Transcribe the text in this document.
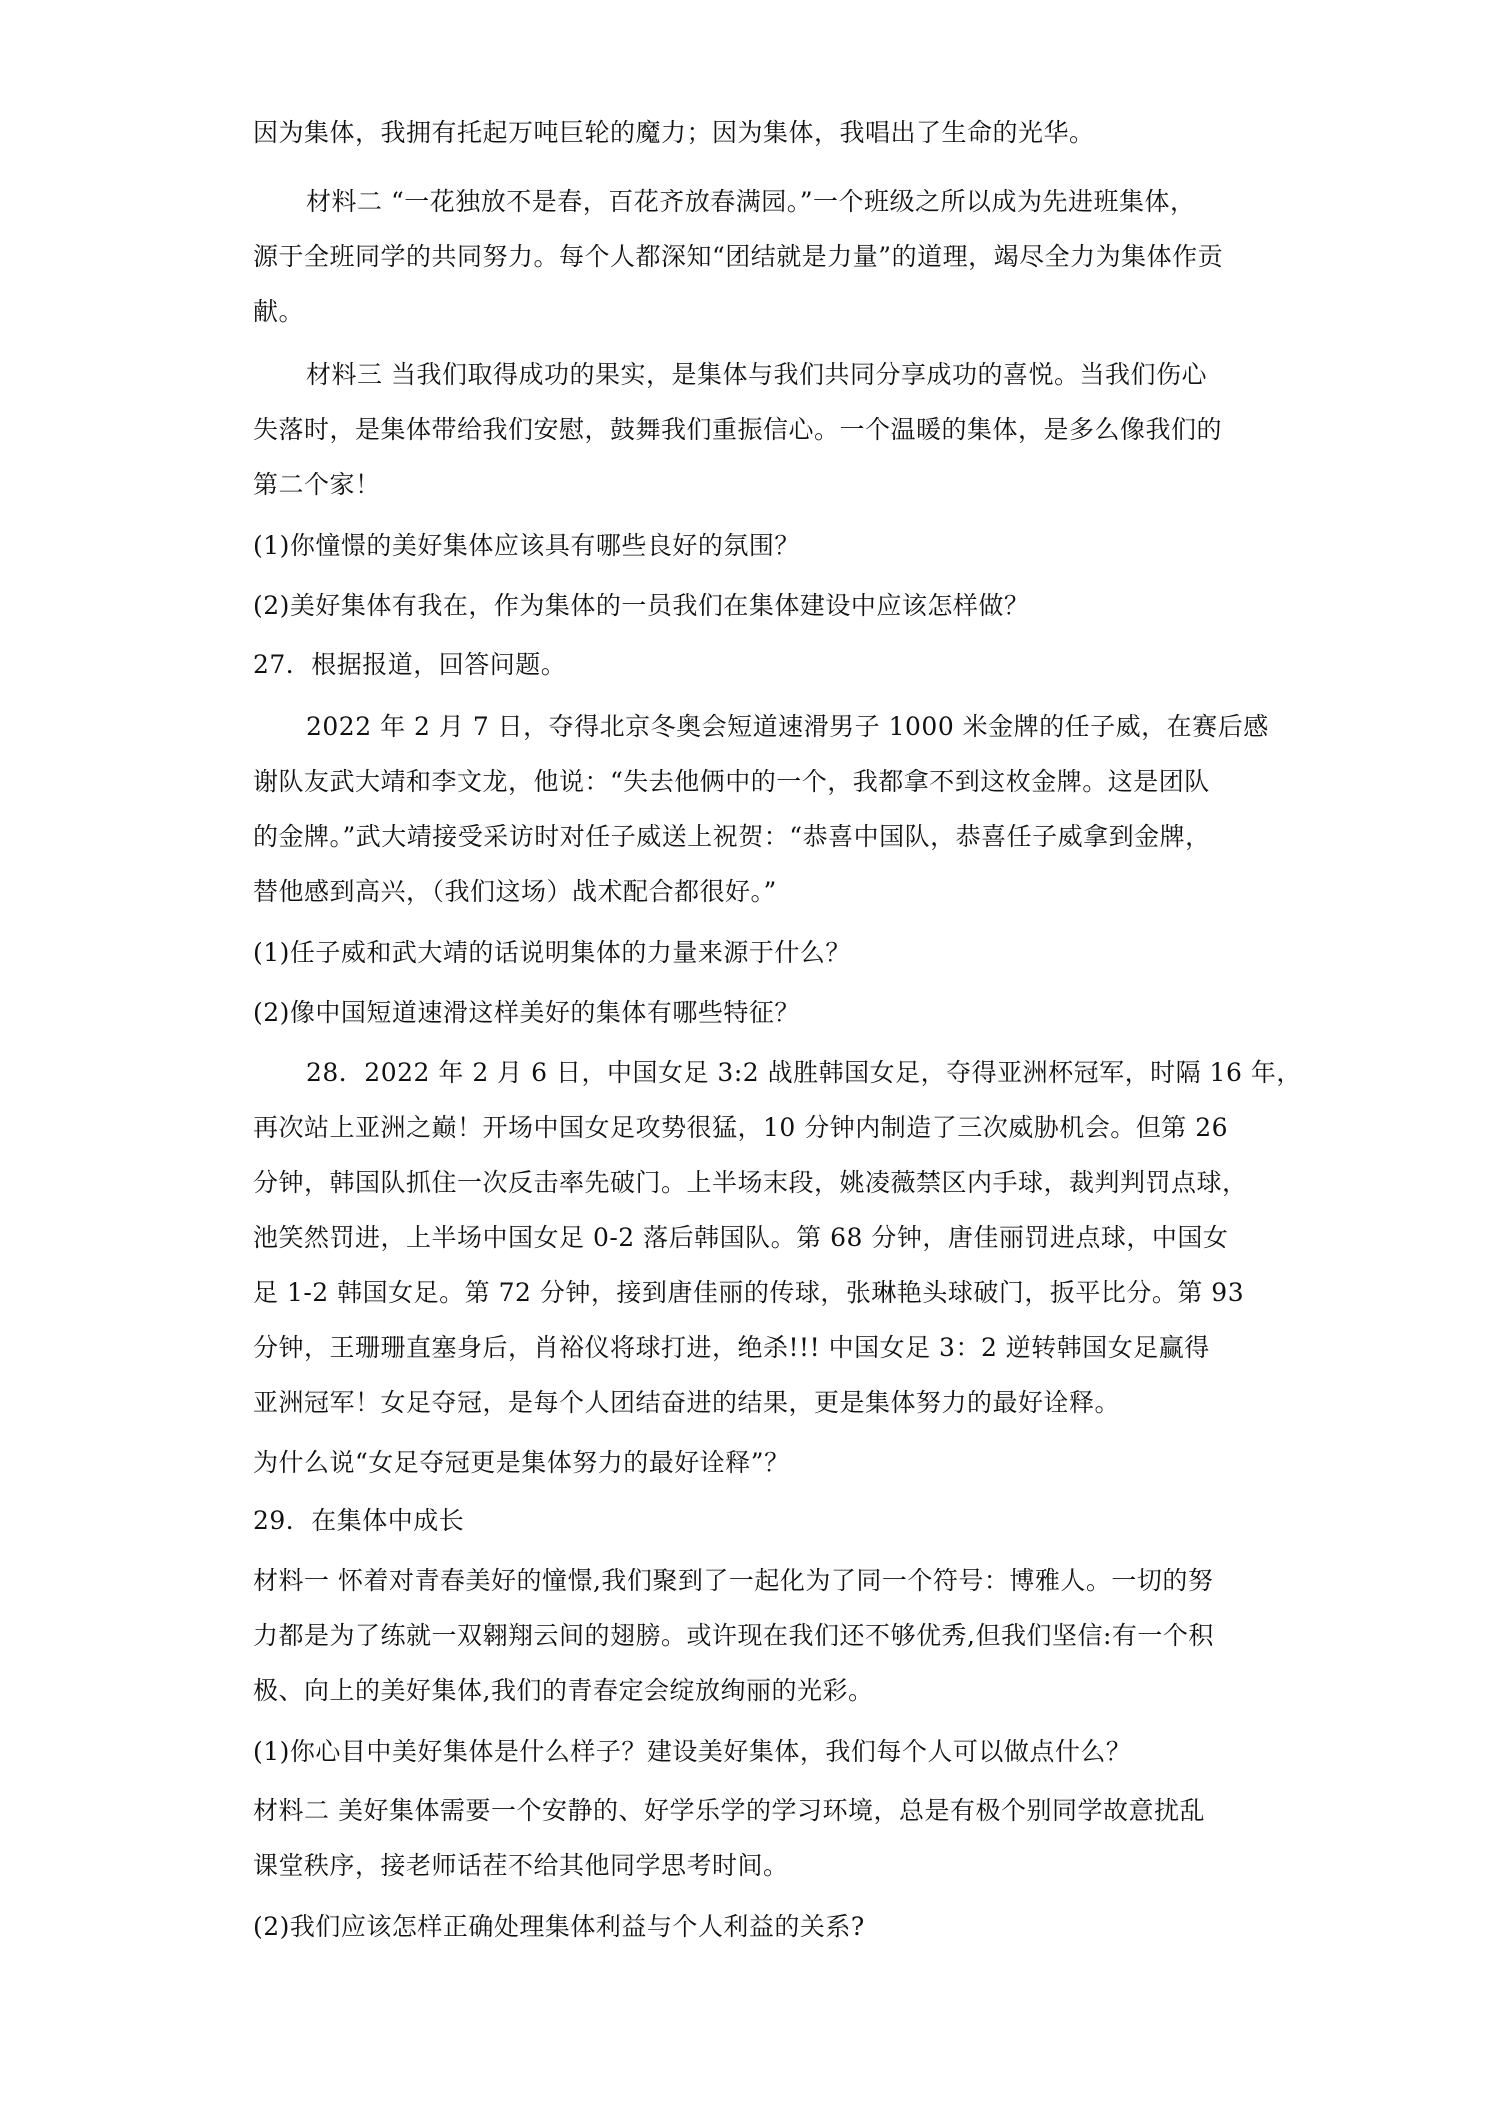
因为集体，我拥有托起万吨巨轮的魔力；因为集体，我唱出了生命的光华。
材料二 “一花独放不是春，百花齐放春满园。”一个班级之所以成为先进班集体，
源于全班同学的共同努力。每个人都深知“团结就是力量”的道理，竭尽全力为集体作贡
献。
材料三 当我们取得成功的果实，是集体与我们共同分享成功的喜悦。当我们伤心
失落时，是集体带给我们安慰，鼓舞我们重振信心。一个温暖的集体，是多么像我们的
第二个家！
(1)你憧憬的美好集体应该具有哪些良好的氛围？
(2)美好集体有我在，作为集体的一员我们在集体建设中应该怎样做？
27．根据报道，回答问题。
2022 年 2 月 7 日，夺得北京冬奥会短道速滑男子 1000 米金牌的任子威，在赛后感
谢队友武大靖和李文龙，他说：“失去他俩中的一个，我都拿不到这枚金牌。这是团队
的金牌。”武大靖接受采访时对任子威送上祝贺：“恭喜中国队，恭喜任子威拿到金牌，
替他感到高兴，（我们这场）战术配合都很好。”
(1)任子威和武大靖的话说明集体的力量来源于什么？
(2)像中国短道速滑这样美好的集体有哪些特征？
28．2022 年 2 月 6 日，中国女足 3:2 战胜韩国女足，夺得亚洲杯冠军，时隔 16 年，
再次站上亚洲之巅！开场中国女足攻势很猛，10 分钟内制造了三次威胁机会。但第 26
分钟，韩国队抓住一次反击率先破门。上半场末段，姚凌薇禁区内手球，裁判判罚点球，
池笑然罚进，上半场中国女足 0-2 落后韩国队。第 68 分钟，唐佳丽罚进点球，中国女
足 1-2 韩国女足。第 72 分钟，接到唐佳丽的传球，张琳艳头球破门，扳平比分。第 93
分钟，王珊珊直塞身后，肖裕仪将球打进，绝杀!!! 中国女足 3：2 逆转韩国女足赢得
亚洲冠军！女足夺冠，是每个人团结奋进的结果，更是集体努力的最好诠释。
为什么说“女足夺冠更是集体努力的最好诠释”？
29．在集体中成长
材料一 怀着对青春美好的憧憬,我们聚到了一起化为了同一个符号：博雅人。一切的努
力都是为了练就一双翱翔云间的翅膀。或许现在我们还不够优秀,但我们坚信:有一个积
极、向上的美好集体,我们的青春定会绽放绚丽的光彩。
(1)你心目中美好集体是什么样子？建设美好集体，我们每个人可以做点什么？
材料二 美好集体需要一个安静的、好学乐学的学习环境，总是有极个别同学故意扰乱
课堂秩序，接老师话茬不给其他同学思考时间。
(2)我们应该怎样正确处理集体利益与个人利益的关系?
